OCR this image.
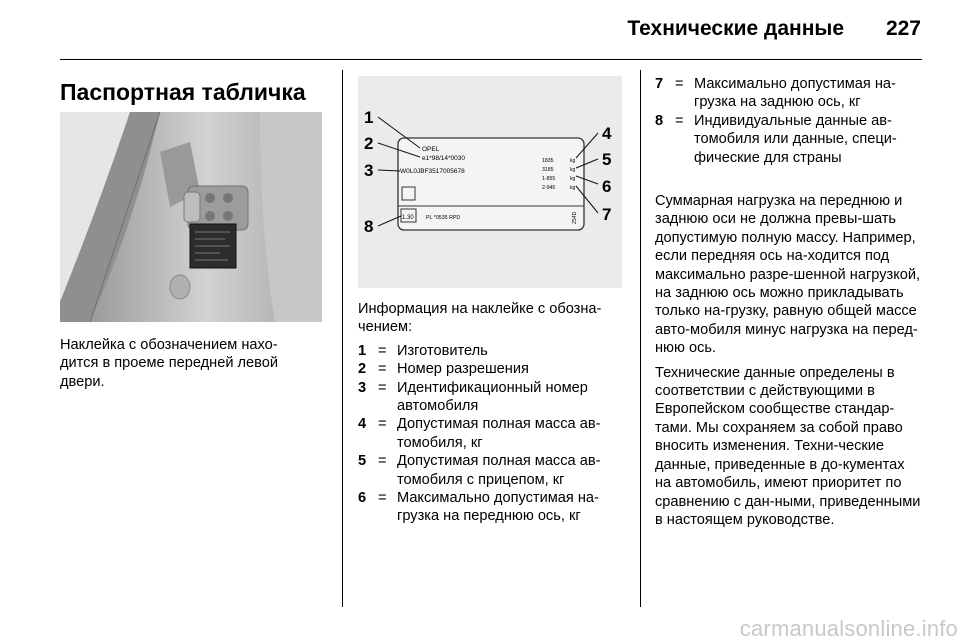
Технические данные 227
Паспортная табличка
Наклейка с обозначением нахо-
дится в проеме передней левой
двери.
OPEL
e1*98/14*0030
W0L0JBF3517005678
1835
3185
1-855
2-945
kg
kg
kg
kg
1.30 PL *0535 RPD	Z54D
1
2
3
4
5
6
7
8
Информация на наклейке с обозна-
чением:
1 = Изготовитель
2 = Номер разрешения
3 = Идентификационный номер автомобиля
4 = Допустимая полная масса ав-томобиля, кг
5 = Допустимая полная масса ав-томобиля с прицепом, кг
6 = Максимально допустимая на-грузка на переднюю ось, кг
7 = Максимально допустимая на-грузка на заднюю ось, кг
8 = Индивидуальные данные ав-томобиля или данные, специ-фические для страны

Суммарная нагрузка на переднюю и заднюю оси не должна превы-шать допустимую полную массу. Например, если передняя ось на-ходится под максимально разре-шенной нагрузкой, на заднюю ось можно прикладывать только на-грузку, равную общей массе авто-мобиля минус нагрузка на перед-нюю ось.

Технические данные определены в соответствии с действующими в Европейском сообществе стандар-тами. Мы сохраняем за собой право вносить изменения. Техни-ческие данные, приведенные в до-кументах на автомобиль, имеют приоритет по сравнению с дан-ными, приведенными в настоящем руководстве.

carmanualsonline.info
